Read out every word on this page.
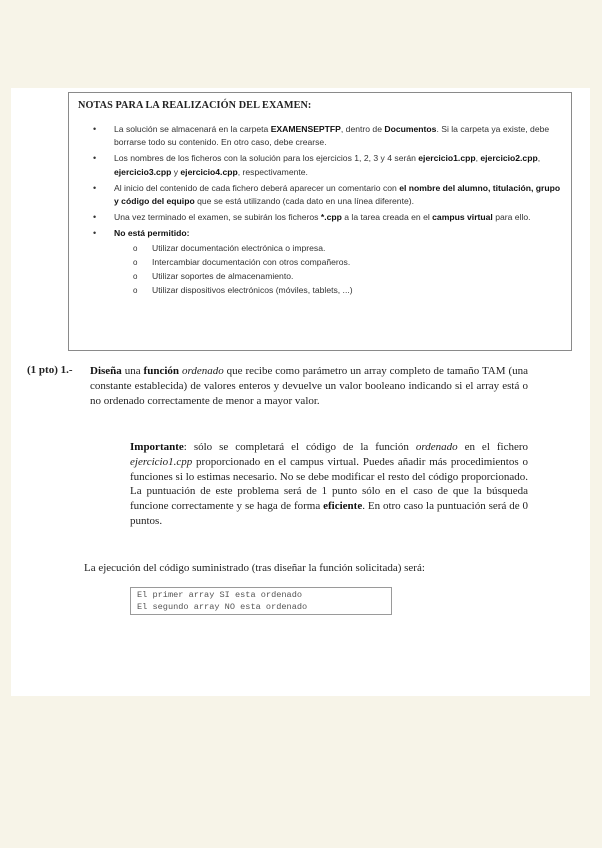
NOTAS PARA LA REALIZACIÓN DEL EXAMEN:
• La solución se almacenará en la carpeta EXAMENSEPTFP, dentro de Documentos. Si la carpeta ya existe, debe borrarse todo su contenido. En otro caso, debe crearse.
• Los nombres de los ficheros con la solución para los ejercicios 1, 2, 3 y 4 serán ejercicio1.cpp, ejercicio2.cpp, ejercicio3.cpp y ejercicio4.cpp, respectivamente.
• Al inicio del contenido de cada fichero deberá aparecer un comentario con el nombre del alumno, titulación, grupo y código del equipo que se está utilizando (cada dato en una línea diferente).
• Una vez terminado el examen, se subirán los ficheros *.cpp a la tarea creada en el campus virtual para ello.
• No está permitido:
o Utilizar documentación electrónica o impresa.
o Intercambiar documentación con otros compañeros.
o Utilizar soportes de almacenamiento.
o Utilizar dispositivos electrónicos (móviles, tablets, ...)
(1 pto) 1.- Diseña una función ordenado que recibe como parámetro un array completo de tamaño TAM (una constante establecida) de valores enteros y devuelve un valor booleano indicando si el array está o no ordenado correctamente de menor a mayor valor.
Importante: sólo se completará el código de la función ordenado en el fichero ejercicio1.cpp proporcionado en el campus virtual. Puedes añadir más procedimientos o funciones si lo estimas necesario. No se debe modificar el resto del código proporcionado. La puntuación de este problema será de 1 punto sólo en el caso de que la búsqueda funcione correctamente y se haga de forma eficiente. En otro caso la puntuación será de 0 puntos.
La ejecución del código suministrado (tras diseñar la función solicitada) será:
El primer array SI esta ordenado
El segundo array NO esta ordenado
